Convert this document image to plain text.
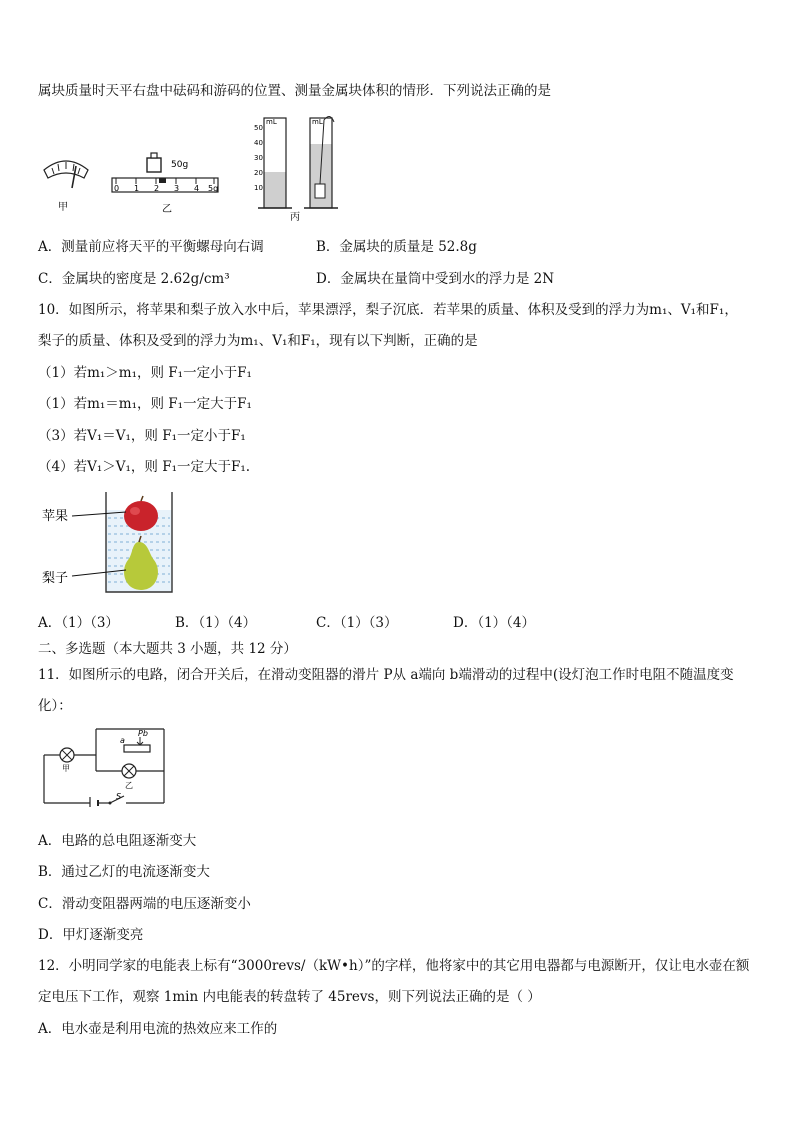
属块质量时天平右盘中砝码和游码的位置、测量金属块体积的情形．下列说法正确的是
甲
50g
0 1 2 3 4 5g
乙
mL
50
40
30
20
10
mL
丙
A．测量前应将天平的平衡螺母向右调	B．金属块的质量是 52.8g
C．金属块的密度是 2.62g/cm³	D．金属块在量筒中受到水的浮力是 2N
10．如图所示，将苹果和梨子放入水中后，苹果漂浮，梨子沉底．若苹果的质量、体积及受到的浮力为m₁、V₁和F₁，
梨子的质量、体积及受到的浮力为m₁、V₁和F₁，现有以下判断，正确的是
（1）若m₁＞m₁，则 F₁一定小于F₁
（1）若m₁＝m₁，则 F₁一定大于F₁
（3）若V₁＝V₁，则 F₁一定小于F₁
（4）若V₁＞V₁，则 F₁一定大于F₁.
苹果
梨子
A．（1）（3）	B．（1）（4）	C．（1）（3）	D．（1）（4）
二、多选题（本大题共 3 小题，共 12 分）
11．如图所示的电路，闭合开关后，在滑动变阻器的滑片 P从 a端向 b端滑动的过程中(设灯泡工作时电阻不随温度变
化）：
a
Pb
S
甲
乙
A．电路的总电阻逐渐变大
B．通过乙灯的电流逐渐变大
C．滑动变阻器两端的电压逐渐变小
D．甲灯逐渐变亮
12．小明同学家的电能表上标有“3000revs/（kW•h）”的字样，他将家中的其它用电器都与电源断开，仅让电水壶在额
定电压下工作，观察 1min 内电能表的转盘转了 45revs，则下列说法正确的是（ ）
A．电水壶是利用电流的热效应来工作的
